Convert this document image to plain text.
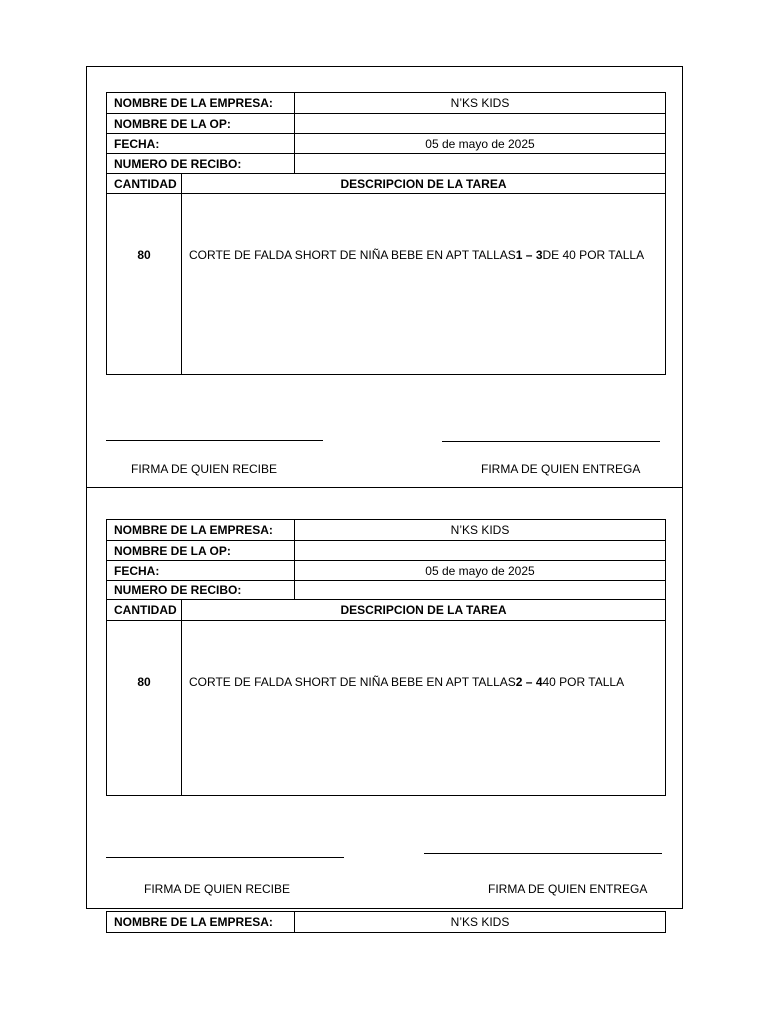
NOMBRE DE LA EMPRESA:	N’KS KIDS
NOMBRE DE LA OP:
FECHA:	05 de mayo de 2025
NUMERO DE RECIBO:
CANTIDAD	DESCRIPCION DE LA TAREA
80	CORTE DE FALDA SHORT DE NIÑA BEBE EN APT TALLAS1 – 3DE 40 POR TALLA
FIRMA DE QUIEN RECIBE	FIRMA DE QUIEN ENTREGA
NOMBRE DE LA EMPRESA:	N’KS KIDS
NOMBRE DE LA OP:
FECHA:	05 de mayo de 2025
NUMERO DE RECIBO:
CANTIDAD	DESCRIPCION DE LA TAREA
80	CORTE DE FALDA SHORT DE NIÑA BEBE EN APT TALLAS2 – 440 POR TALLA
FIRMA DE QUIEN RECIBE	FIRMA DE QUIEN ENTREGA
NOMBRE DE LA EMPRESA:	N’KS KIDS
